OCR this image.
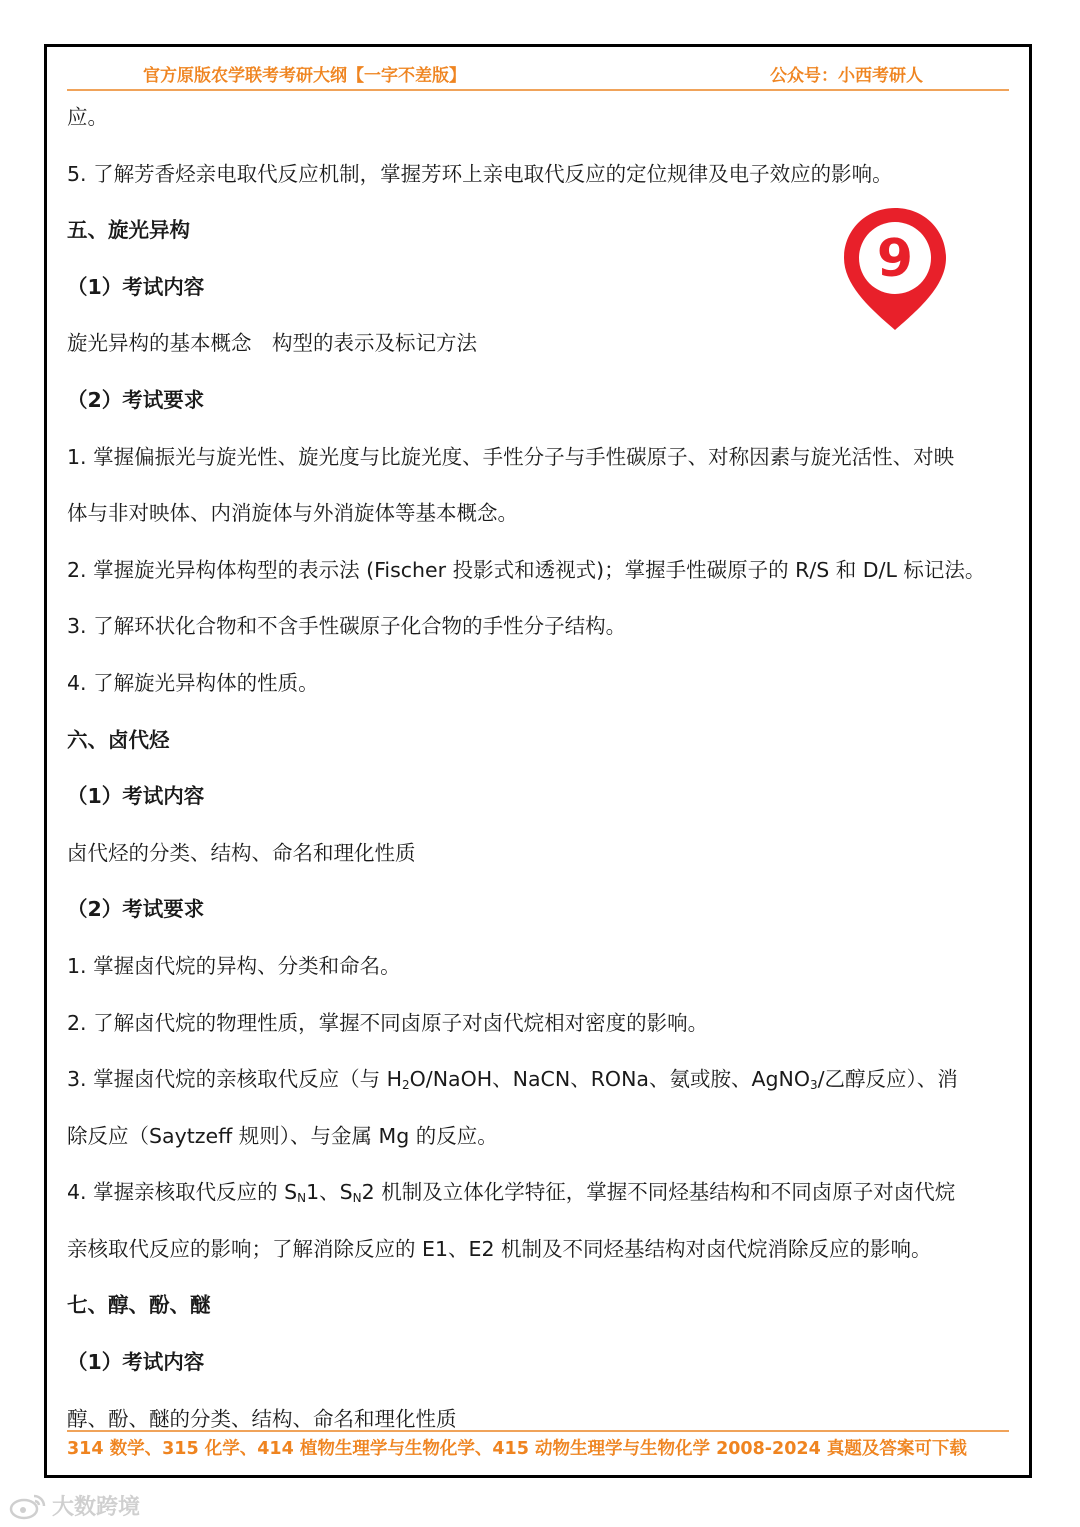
官方原版农学联考考研大纲【一字不差版】	公众号：小西考研人
应。
5. 了解芳香烃亲电取代反应机制，掌握芳环上亲电取代反应的定位规律及电子效应的影响。
五、旋光异构
（1）考试内容
旋光异构的基本概念　构型的表示及标记方法
（2）考试要求
1. 掌握偏振光与旋光性、旋光度与比旋光度、手性分子与手性碳原子、对称因素与旋光活性、对映
体与非对映体、内消旋体与外消旋体等基本概念。
2. 掌握旋光异构体构型的表示法 (Fischer 投影式和透视式)；掌握手性碳原子的 R/S 和 D/L 标记法。
3. 了解环状化合物和不含手性碳原子化合物的手性分子结构。
4. 了解旋光异构体的性质。
六、卤代烃
（1）考试内容
卤代烃的分类、结构、命名和理化性质
（2）考试要求
1. 掌握卤代烷的异构、分类和命名。
2. 了解卤代烷的物理性质，掌握不同卤原子对卤代烷相对密度的影响。
3. 掌握卤代烷的亲核取代反应（与 $H_2O$/NaOH、NaCN、RONa、氨或胺、AgNO$_3$/乙醇反应）、消
除反应（Saytzeff 规则）、与金属 Mg 的反应。
4. 掌握亲核取代反应的 $S_N1$、$S_N2$ 机制及立体化学特征，掌握不同烃基结构和不同卤原子对卤代烷
亲核取代反应的影响；了解消除反应的 E1、E2 机制及不同烃基结构对卤代烷消除反应的影响。
七、醇、酚、醚
（1）考试内容
醇、酚、醚的分类、结构、命名和理化性质
314 数学、315 化学、414 植物生理学与生物化学、415 动物生理学与生物化学 2008-2024 真题及答案可下载
9
大数跨境
